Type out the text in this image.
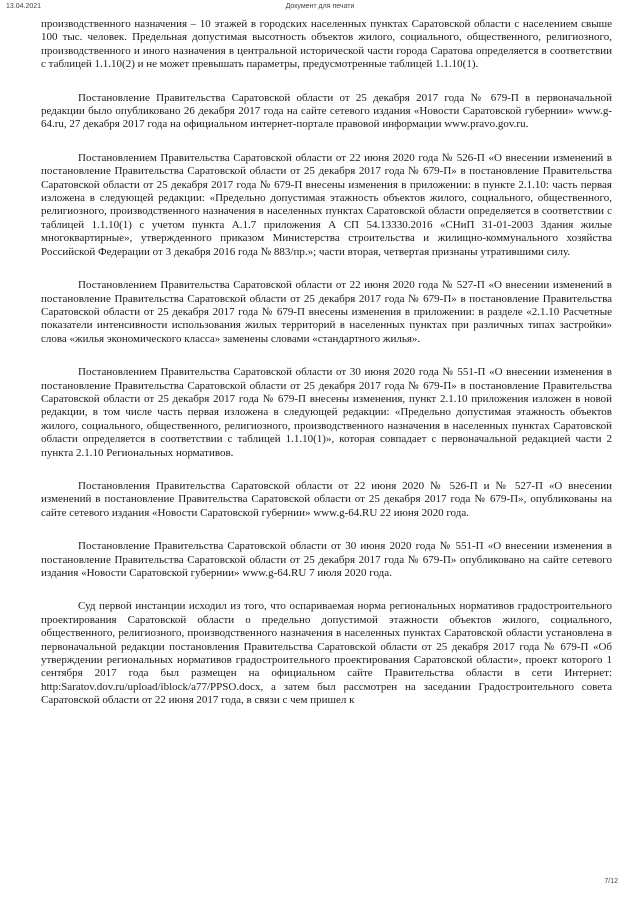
13.04.2021	Документ для печати

производственного назначения – 10 этажей в городских населенных пунктах Саратовской области с населением свыше 100 тыс. человек. Предельная допустимая высотность объектов жилого, социального, общественного, религиозного, производственного и иного назначения в центральной исторической части города Саратова определяется в соответствии с таблицей 1.1.10(2) и не может превышать параметры, предусмотренные таблицей 1.1.10(1).

Постановление Правительства Саратовской области от 25 декабря 2017 года № 679-П в первоначальной редакции было опубликовано 26 декабря 2017 года на сайте сетевого издания «Новости Саратовской губернии» www.g-64.ru, 27 декабря 2017 года на официальном интернет-портале правовой информации www.pravo.gov.ru.

Постановлением Правительства Саратовской области от 22 июня 2020 года № 526-П «О внесении изменений в постановление Правительства Саратовской области от 25 декабря 2017 года № 679-П» в постановление Правительства Саратовской области от 25 декабря 2017 года № 679-П внесены изменения в приложении: в пункте 2.1.10: часть первая изложена в следующей редакции: «Предельно допустимая этажность объектов жилого, социального, общественного, религиозного, производственного назначения в населенных пунктах Саратовской области определяется в соответствии с таблицей 1.1.10(1) с учетом пункта А.1.7 приложения А СП 54.13330.2016 «СНиП 31-01-2003 Здания жилые многоквартирные», утвержденного приказом Министерства строительства и жилищно-коммунального хозяйства Российской Федерации от 3 декабря 2016 года № 883/пр.»; части вторая, четвертая признаны утратившими силу.

Постановлением Правительства Саратовской области от 22 июня 2020 года № 527-П «О внесении изменений в постановление Правительства Саратовской области от 25 декабря 2017 года № 679-П» в постановление Правительства Саратовской области от 25 декабря 2017 года № 679-П внесены изменения в приложении: в разделе «2.1.10 Расчетные показатели интенсивности использования жилых территорий в населенных пунктах при различных типах застройки» слова «жилья экономического класса» заменены словами «стандартного жилья».

Постановлением Правительства Саратовской области от 30 июня 2020 года № 551-П «О внесении изменения в постановление Правительства Саратовской области от 25 декабря 2017 года № 679-П» в постановление Правительства Саратовской области от 25 декабря 2017 года № 679-П внесены изменения, пункт 2.1.10 приложения изложен в новой редакции, в том числе часть первая изложена в следующей редакции: «Предельно допустимая этажность объектов жилого, социального, общественного, религиозного, производственного назначения в населенных пунктах Саратовской области определяется в соответствии с таблицей 1.1.10(1)», которая совпадает с первоначальной редакцией части 2 пункта 2.1.10 Региональных нормативов.

Постановления Правительства Саратовской области от 22 июня 2020 № 526-П и № 527-П «О внесении изменений в постановление Правительства Саратовской области от 25 декабря 2017 года № 679-П», опубликованы на сайте сетевого издания «Новости Саратовской губернии» www.g-64.RU 22 июня 2020 года.

Постановление Правительства Саратовской области от 30 июня 2020 года № 551-П «О внесении изменения в постановление Правительства Саратовской области от 25 декабря 2017 года № 679-П» опубликовано на сайте сетевого издания «Новости Саратовской губернии» www.g-64.RU 7 июля 2020 года.

Суд первой инстанции исходил из того, что оспариваемая норма региональных нормативов градостроительного проектирования Саратовской области о предельно допустимой этажности объектов жилого, социального, общественного, религиозного, производственного назначения в населенных пунктах Саратовской области установлена в первоначальной редакции постановления Правительства Саратовской области от 25 декабря 2017 года № 679-П «Об утверждении региональных нормативов градостроительного проектирования Саратовской области», проект которого 1 сентября 2017 года был размещен на официальном сайте Правительства области в сети Интернет: http:Saratov.dov.ru/upload/iblock/a77/PPSO.docx, а затем был рассмотрен на заседании Градостроительного совета Саратовской области от 22 июня 2017 года, в связи с чем пришел к

7/12
